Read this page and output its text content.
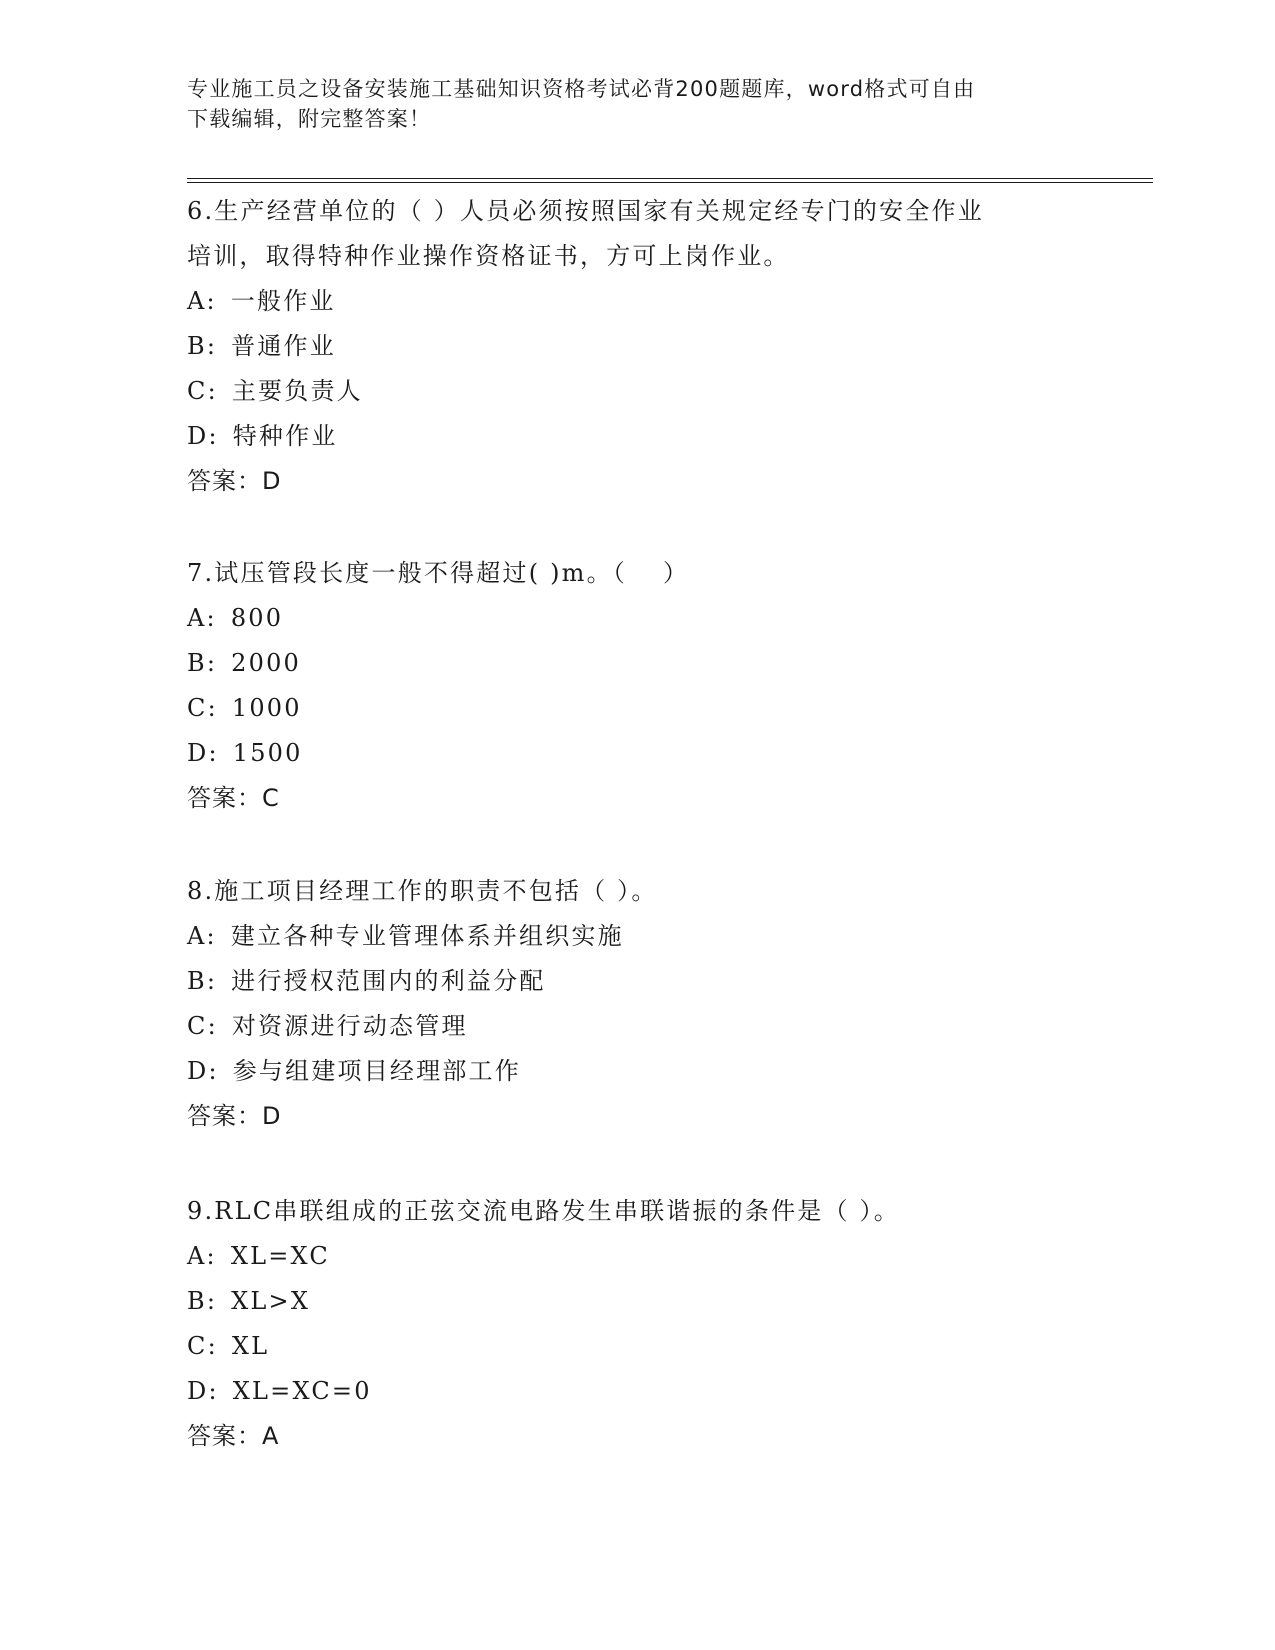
专业施工员之设备安装施工基础知识资格考试必背200题题库，word格式可自由
下载编辑，附完整答案！

6.生产经营单位的（ ）人员必须按照国家有关规定经专门的安全作业

培训，取得特种作业操作资格证书，方可上岗作业。

A: 一般作业

B: 普通作业

C: 主要负责人

D: 特种作业

答案：D

7.试压管段长度一般不得超过( )m。（　 ）

A: 800

B: 2000

C: 1000

D: 1500

答案：C

8.施工项目经理工作的职责不包括（ ）。

A: 建立各种专业管理体系并组织实施

B: 进行授权范围内的利益分配

C: 对资源进行动态管理

D: 参与组建项目经理部工作

答案：D

9.RLC串联组成的正弦交流电路发生串联谐振的条件是（ ）。

A: XL=XC

B: XL>X

C: XL

D: XL=XC=0

答案：A
